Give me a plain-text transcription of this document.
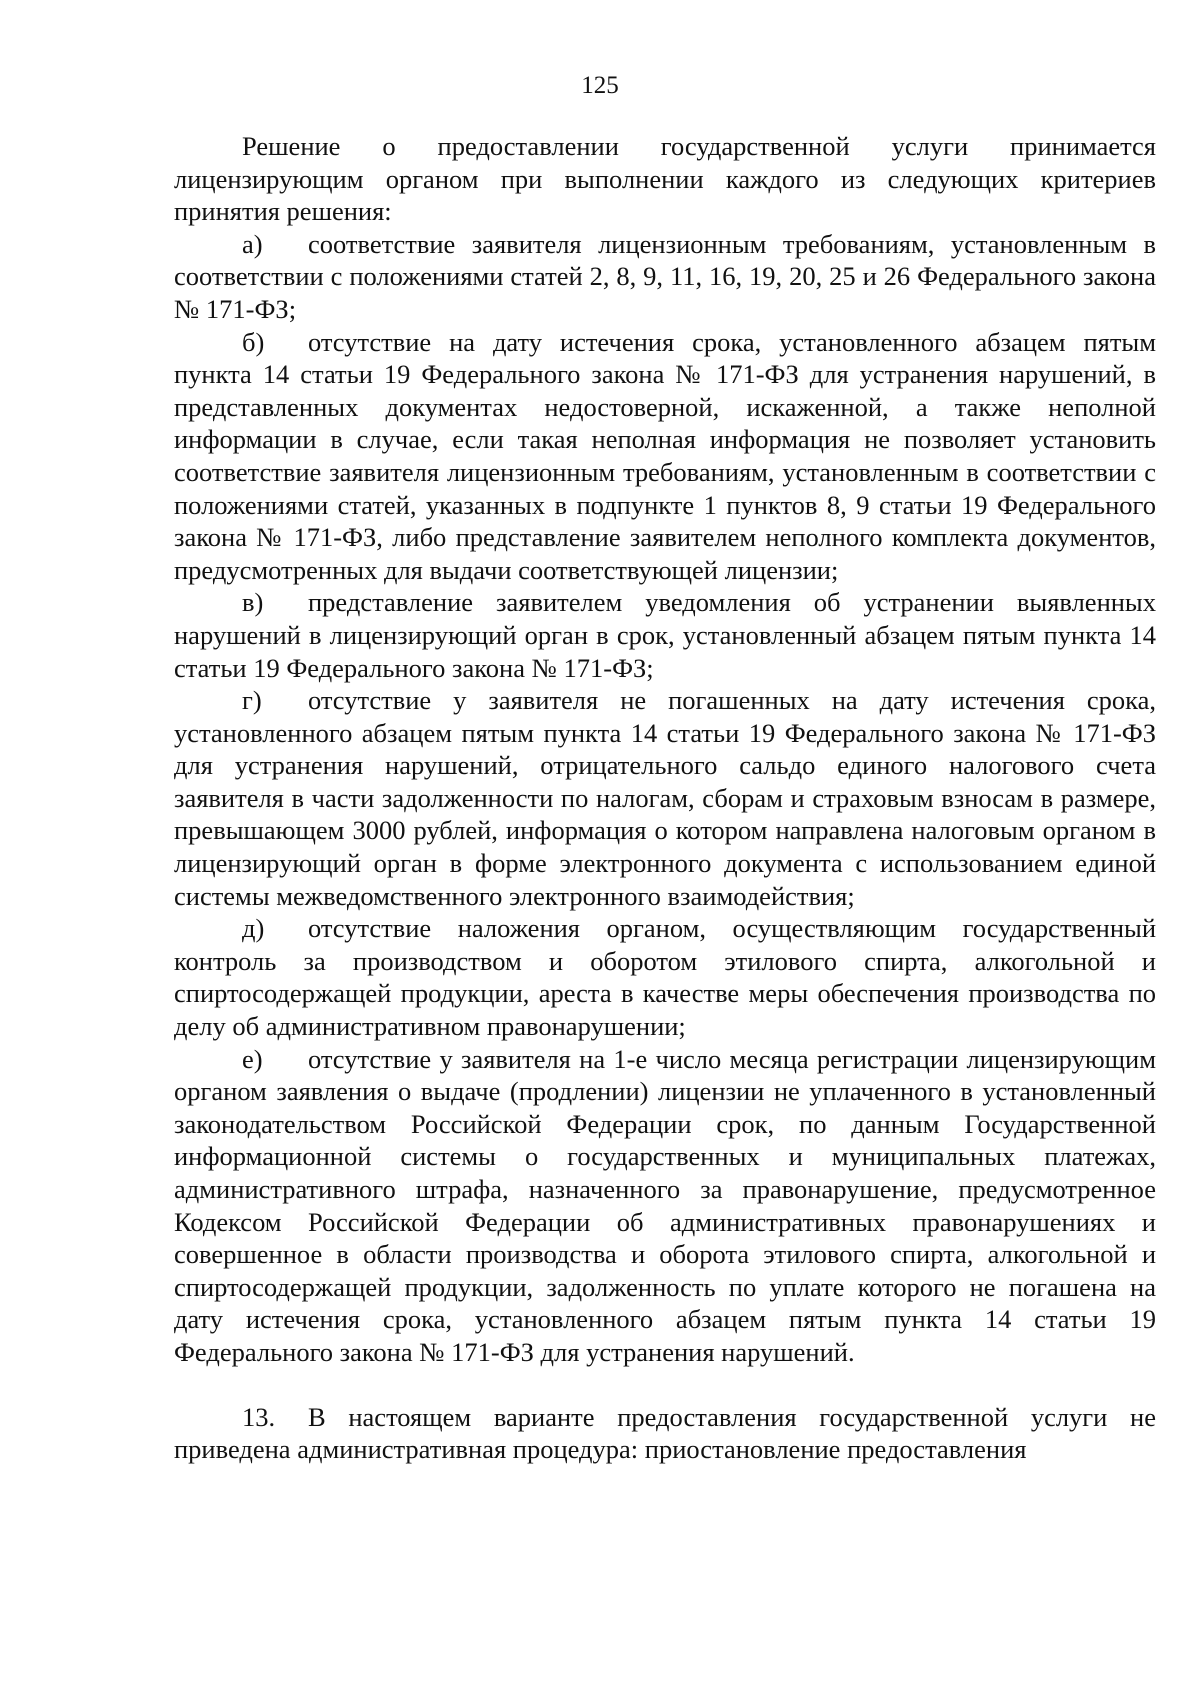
125

Решение о предоставлении государственной услуги принимается лицензирующим органом при выполнении каждого из следующих критериев принятия решения:

а) соответствие заявителя лицензионным требованиям, установленным в соответствии с положениями статей 2, 8, 9, 11, 16, 19, 20, 25 и 26 Федерального закона № 171-ФЗ;

б) отсутствие на дату истечения срока, установленного абзацем пятым пункта 14 статьи 19 Федерального закона № 171-ФЗ для устранения нарушений, в представленных документах недостоверной, искаженной, а также неполной информации в случае, если такая неполная информация не позволяет установить соответствие заявителя лицензионным требованиям, установленным в соответствии с положениями статей, указанных в подпункте 1 пунктов 8, 9 статьи 19 Федерального закона № 171-ФЗ, либо представление заявителем неполного комплекта документов, предусмотренных для выдачи соответствующей лицензии;

в) представление заявителем уведомления об устранении выявленных нарушений в лицензирующий орган в срок, установленный абзацем пятым пункта 14 статьи 19 Федерального закона № 171-ФЗ;

г) отсутствие у заявителя не погашенных на дату истечения срока, установленного абзацем пятым пункта 14 статьи 19 Федерального закона № 171-ФЗ для устранения нарушений, отрицательного сальдо единого налогового счета заявителя в части задолженности по налогам, сборам и страховым взносам в размере, превышающем 3000 рублей, информация о котором направлена налоговым органом в лицензирующий орган в форме электронного документа с использованием единой системы межведомственного электронного взаимодействия;

д) отсутствие наложения органом, осуществляющим государственный контроль за производством и оборотом этилового спирта, алкогольной и спиртосодержащей продукции, ареста в качестве меры обеспечения производства по делу об административном правонарушении;

е) отсутствие у заявителя на 1-е число месяца регистрации лицензирующим органом заявления о выдаче (продлении) лицензии не уплаченного в установленный законодательством Российской Федерации срок, по данным Государственной информационной системы о государственных и муниципальных платежах, административного штрафа, назначенного за правонарушение, предусмотренное Кодексом Российской Федерации об административных правонарушениях и совершенное в области производства и оборота этилового спирта, алкогольной и спиртосодержащей продукции, задолженность по уплате которого не погашена на дату истечения срока, установленного абзацем пятым пункта 14 статьи 19 Федерального закона № 171-ФЗ для устранения нарушений.

13. В настоящем варианте предоставления государственной услуги не приведена административная процедура: приостановление предоставления
